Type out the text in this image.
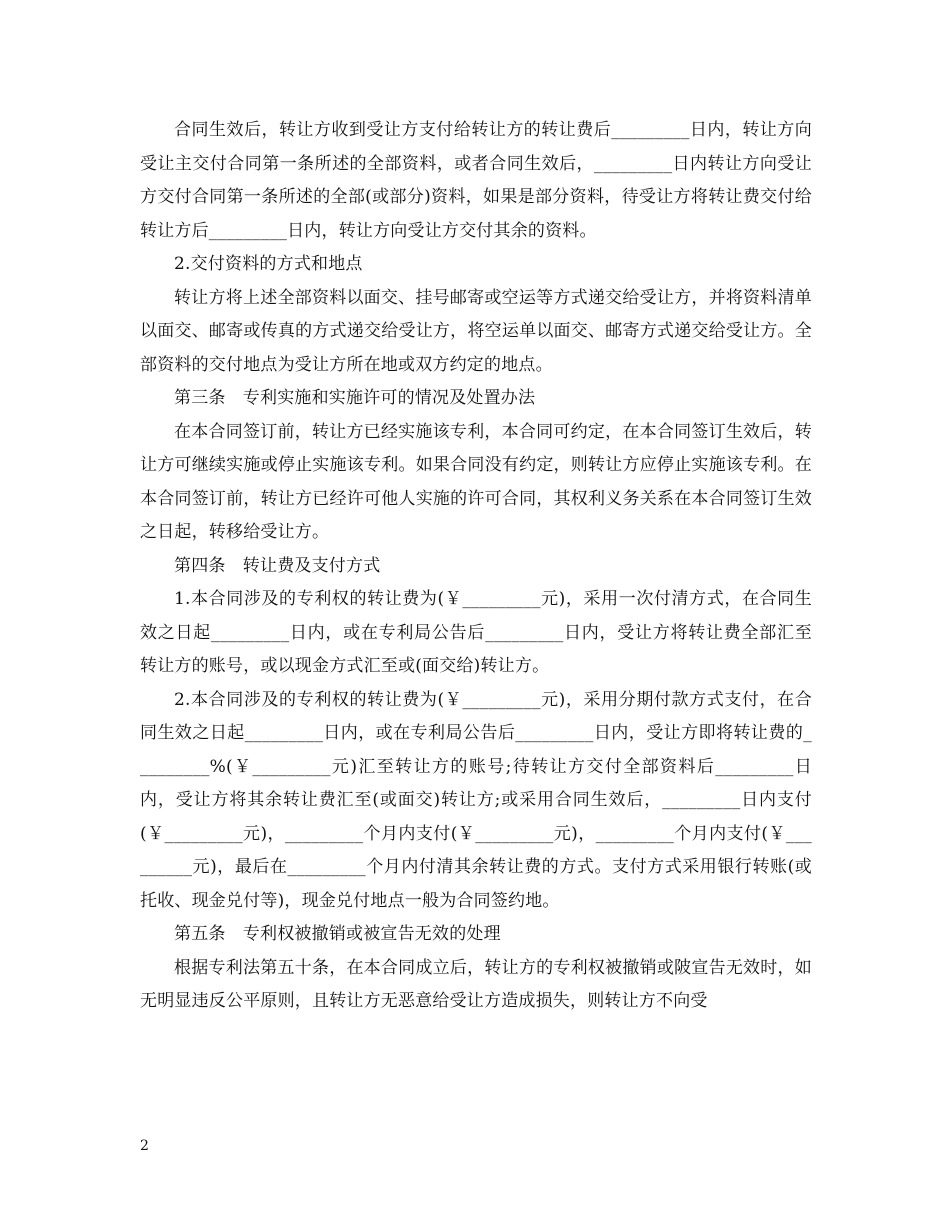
合同生效后，转让方收到受让方支付给转让方的转让费后_________日内，转让方向受让主交付合同第一条所述的全部资料，或者合同生效后，_________日内转让方向受让方交付合同第一条所述的全部(或部分)资料，如果是部分资料，待受让方将转让费交付给转让方后_________日内，转让方向受让方交付其余的资料。

2.交付资料的方式和地点

转让方将上述全部资料以面交、挂号邮寄或空运等方式递交给受让方，并将资料清单以面交、邮寄或传真的方式递交给受让方，将空运单以面交、邮寄方式递交给受让方。全部资料的交付地点为受让方所在地或双方约定的地点。

第三条　专利实施和实施许可的情况及处置办法

在本合同签订前，转让方已经实施该专利，本合同可约定，在本合同签订生效后，转让方可继续实施或停止实施该专利。如果合同没有约定，则转让方应停止实施该专利。在本合同签订前，转让方已经许可他人实施的许可合同，其权利义务关系在本合同签订生效之日起，转移给受让方。

第四条　转让费及支付方式

1.本合同涉及的专利权的转让费为(￥_________元)，采用一次付清方式，在合同生效之日起_________日内，或在专利局公告后_________日内，受让方将转让费全部汇至转让方的账号，或以现金方式汇至或(面交给)转让方。

2.本合同涉及的专利权的转让费为(￥_________元)，采用分期付款方式支付，在合同生效之日起_________日内，或在专利局公告后_________日内，受让方即将转让费的_________%(￥_________元)汇至转让方的账号;待转让方交付全部资料后_________日内，受让方将其余转让费汇至(或面交)转让方;或采用合同生效后，_________日内支付(￥_________元)，_________个月内支付(￥_________元)，_________个月内支付(￥_________元)，最后在_________个月内付清其余转让费的方式。支付方式采用银行转账(或托收、现金兑付等)，现金兑付地点一般为合同签约地。

第五条　专利权被撤销或被宣告无效的处理

根据专利法第五十条，在本合同成立后，转让方的专利权被撤销或陂宣告无效时，如无明显违反公平原则，且转让方无恶意给受让方造成损失，则转让方不向受

2
